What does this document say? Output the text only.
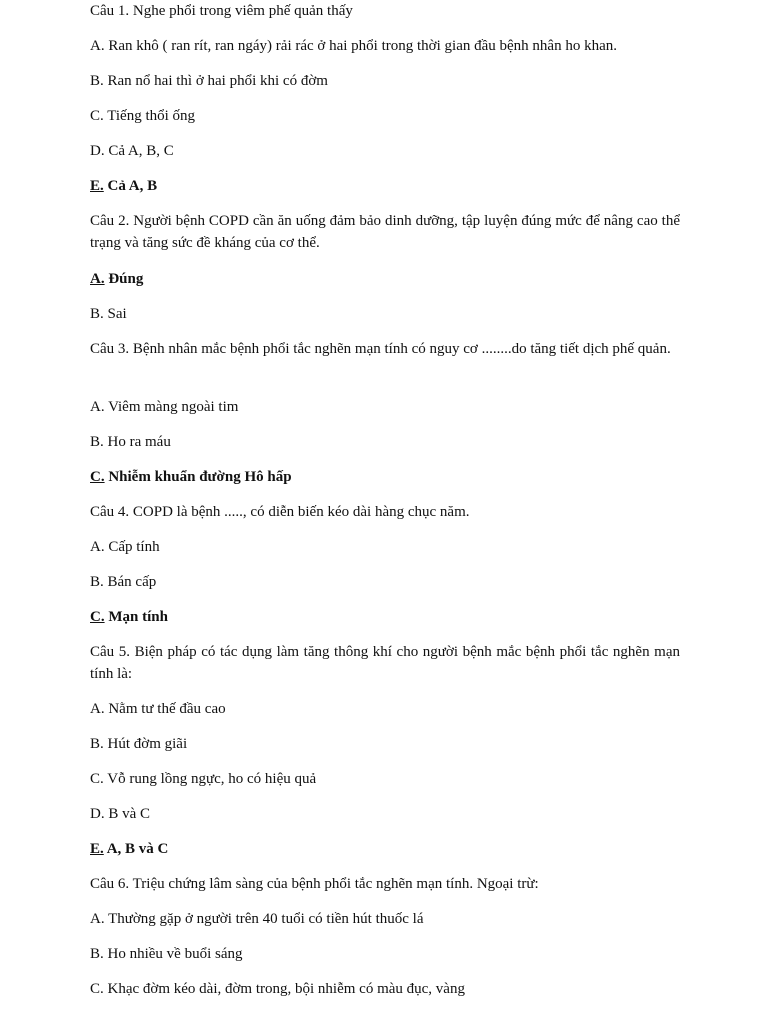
Câu 1. Nghe phổi trong viêm phế quản thấy
A. Ran khô ( ran rít, ran ngáy) rải rác ở hai phổi trong thời gian đầu bệnh nhân ho khan.
B. Ran nổ hai thì ở hai phổi khi có đờm
C. Tiếng thổi ống
D. Cả A, B, C
E. Cả A, B
Câu 2. Người bệnh COPD cần ăn uống đảm bảo dinh dưỡng, tập luyện đúng mức để nâng cao thể trạng và tăng sức đề kháng của cơ thể.
A. Đúng
B. Sai
Câu 3. Bệnh nhân mắc bệnh phổi tắc nghẽn mạn tính có nguy cơ ........do tăng tiết dịch phế quản.
A. Viêm màng ngoài tim
B. Ho ra máu
C. Nhiễm khuẩn đường Hô hấp
Câu 4. COPD là bệnh ....., có diễn biến kéo dài hàng chục năm.
A. Cấp tính
B. Bán cấp
C. Mạn tính
Câu 5. Biện pháp có tác dụng làm tăng thông khí cho người bệnh mắc bệnh phổi tắc nghẽn mạn tính là:
A. Nằm tư thế đầu cao
B. Hút đờm giãi
C. Vỗ rung lồng ngực, ho có hiệu quả
D. B và C
E. A, B và C
Câu 6. Triệu chứng lâm sàng của bệnh phổi tắc nghẽn mạn tính. Ngoại trừ:
A. Thường gặp ở người trên 40 tuổi có tiền hút thuốc lá
B. Ho nhiều về buổi sáng
C. Khạc đờm kéo dài, đờm trong, bội nhiễm có màu đục, vàng
